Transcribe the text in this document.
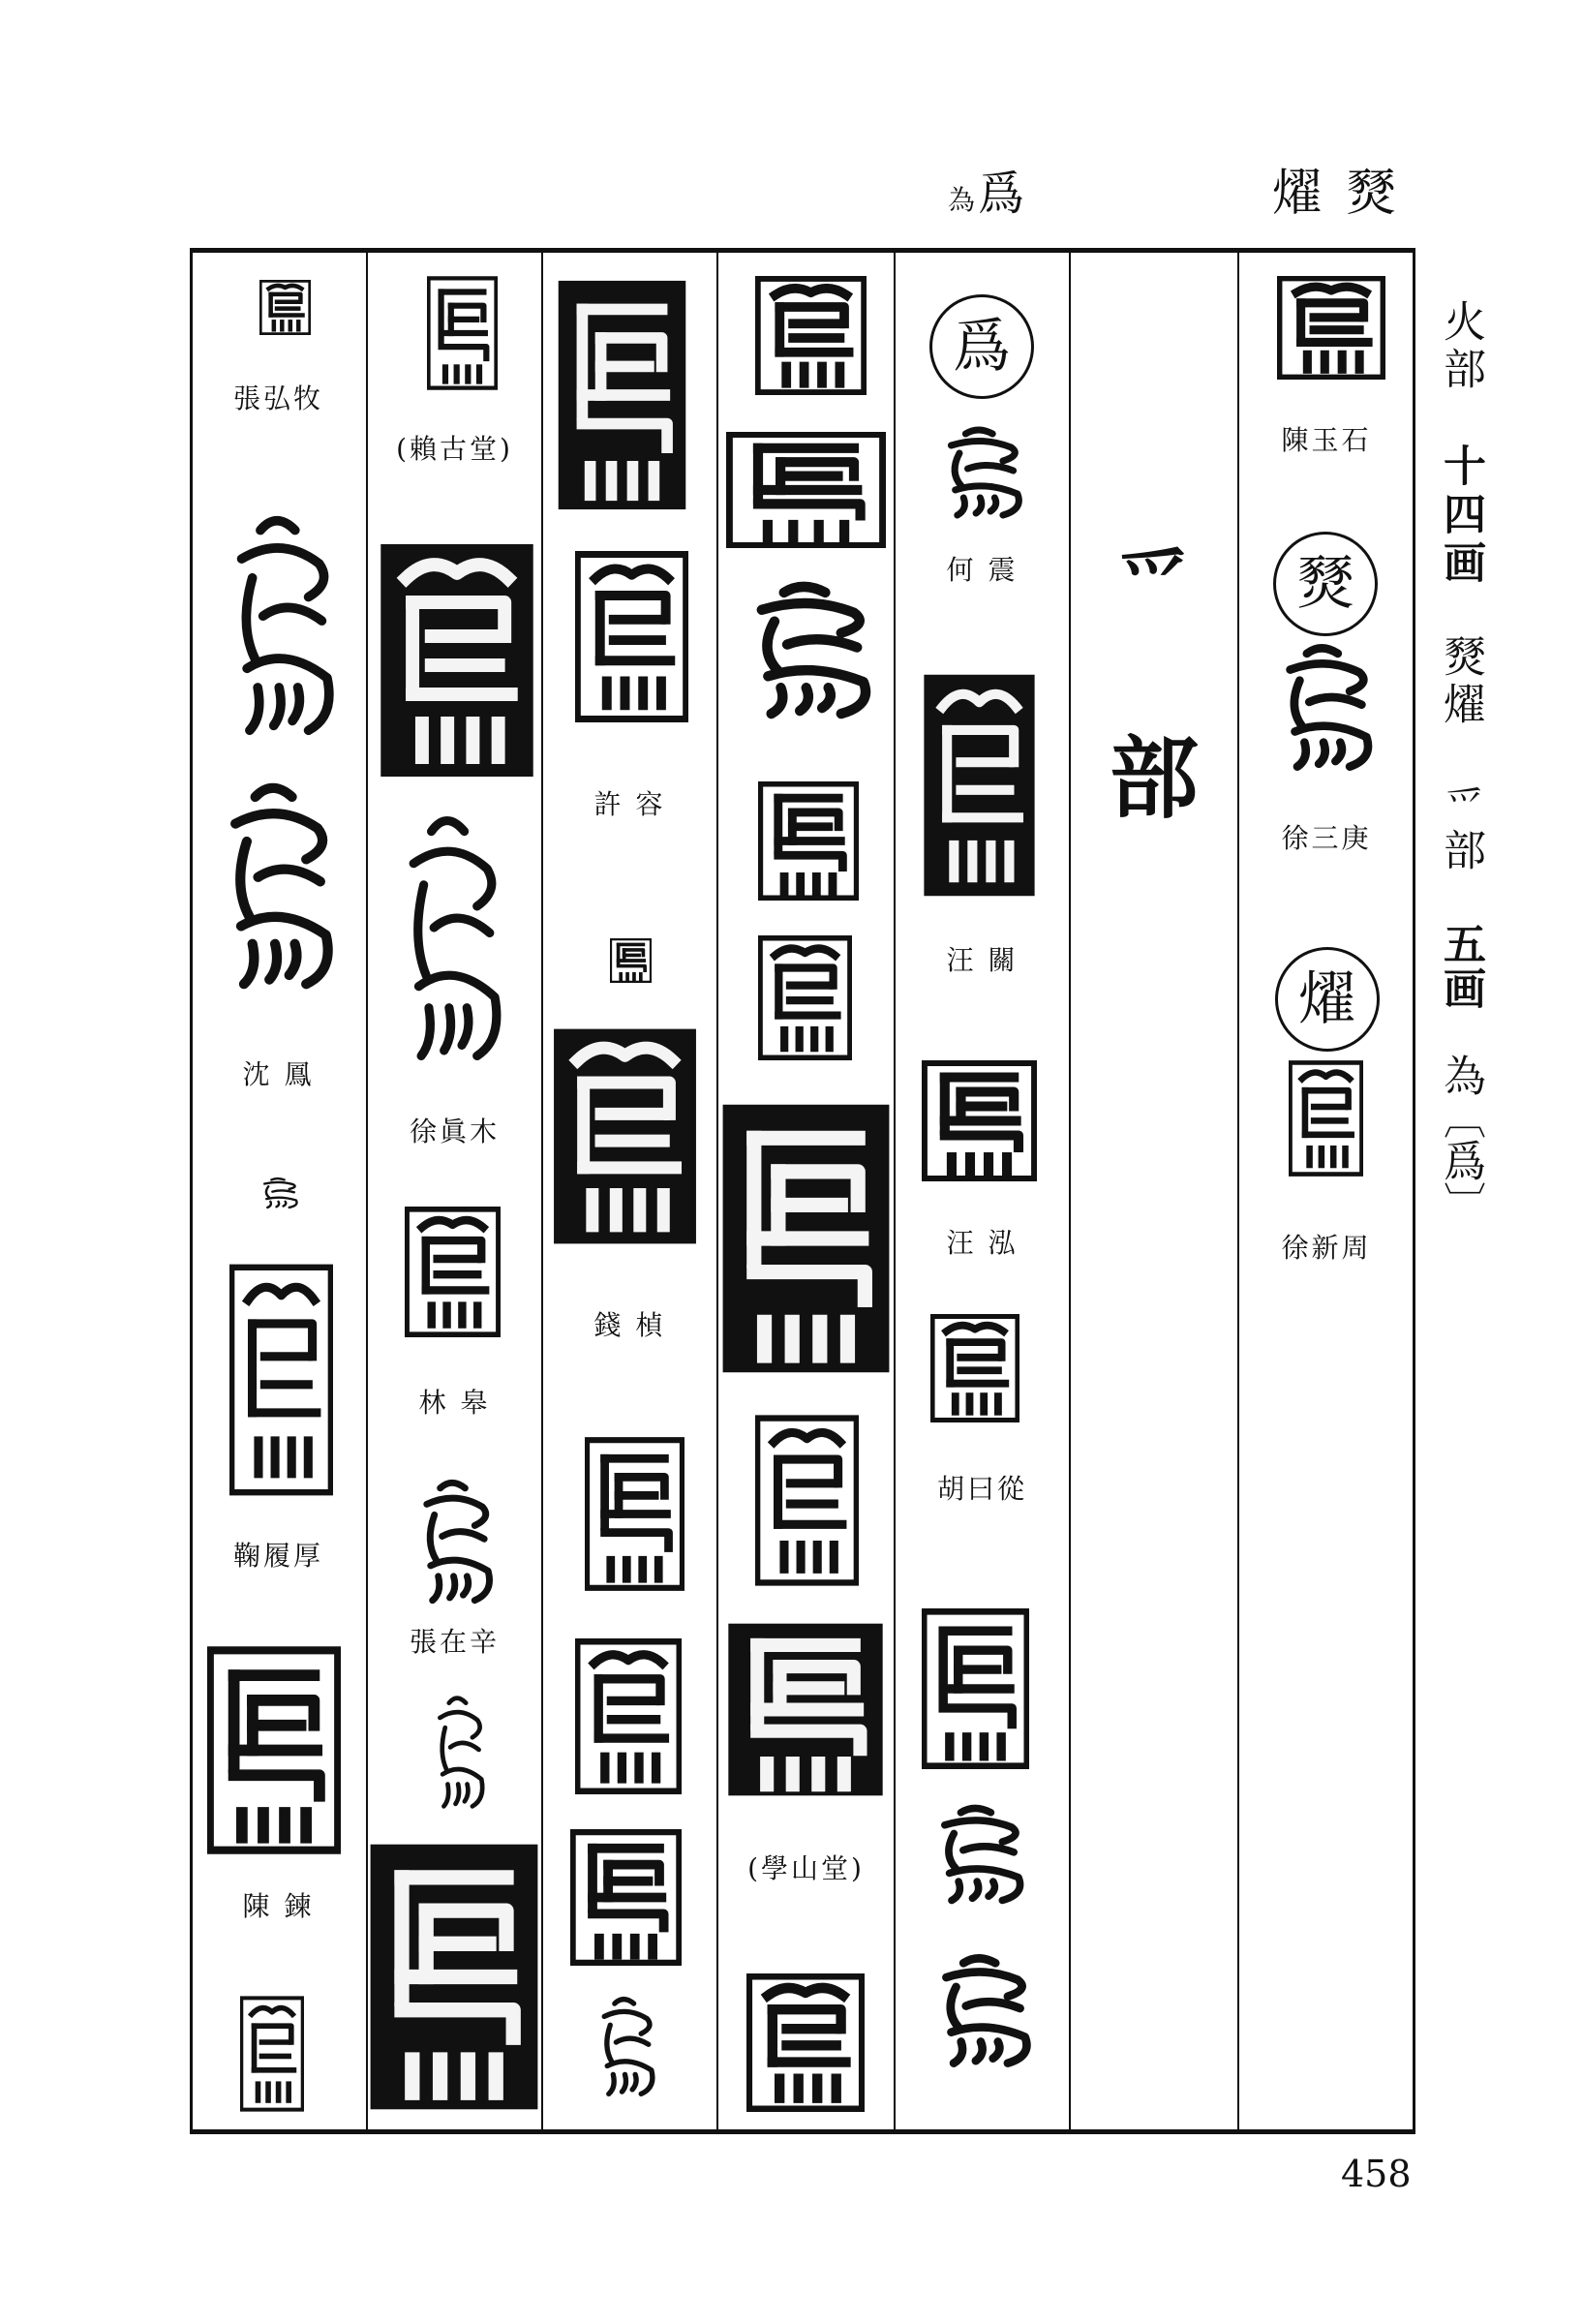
為 爲	燿 燹
陳玉石
燹
徐三庚
燿
徐新周
爫
部
爲
何 震
汪 關
汪 泓
胡曰從
(學山堂)
許 容
錢 楨
(賴古堂)
徐眞木
林 皋
張在辛
張弘牧
沈 鳳
鞠履厚
陳 鍊
火部
十四画
燹燿
爫部
五画
為〔爲〕
458
